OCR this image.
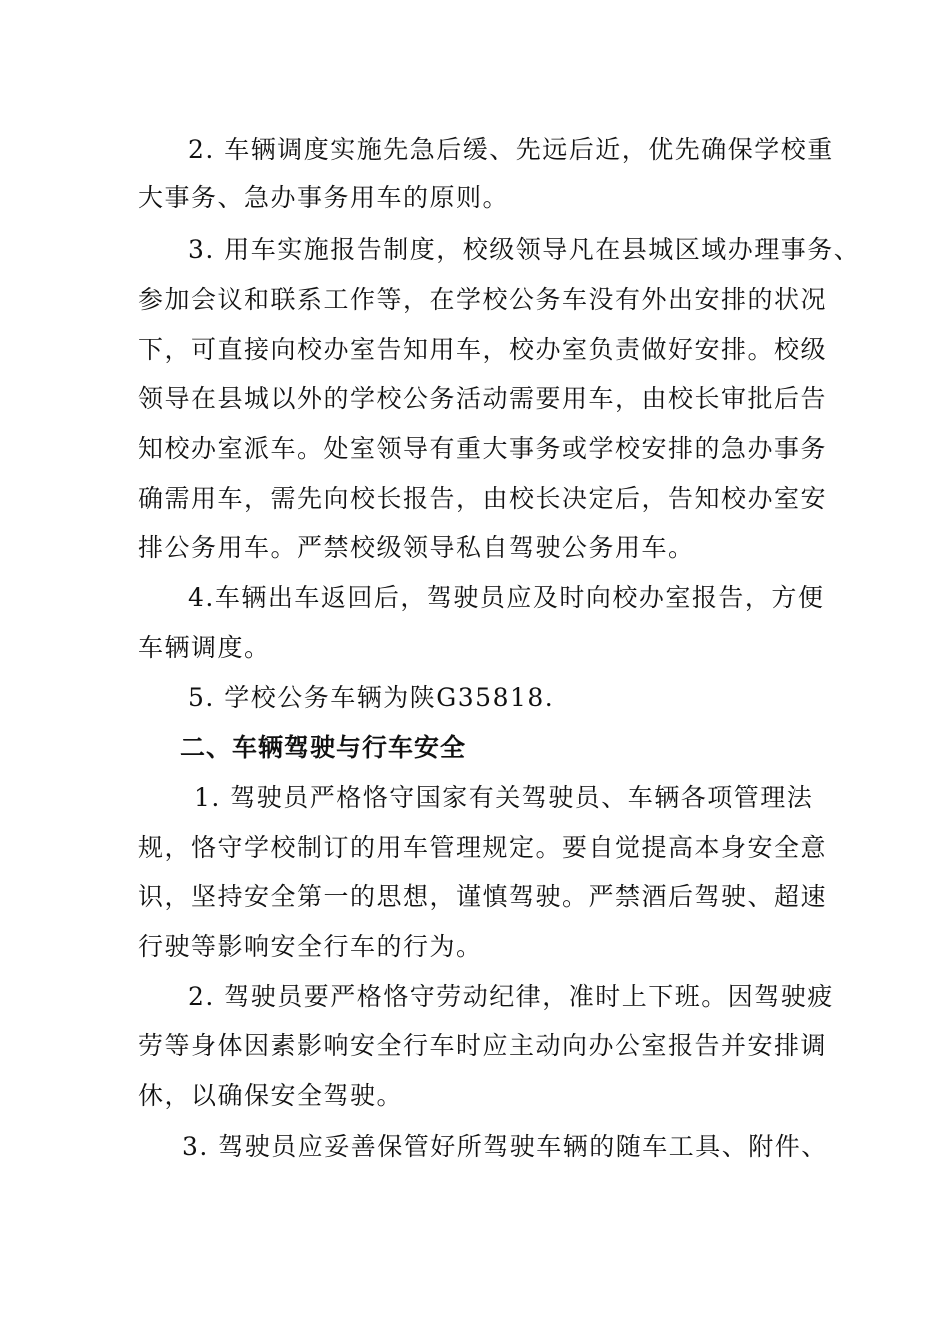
2. 车辆调度实施先急后缓、先远后近，优先确保学校重
大事务、急办事务用车的原则。
3. 用车实施报告制度，校级领导凡在县城区域办理事务、
参加会议和联系工作等，在学校公务车没有外出安排的状况
下，可直接向校办室告知用车，校办室负责做好安排。校级
领导在县城以外的学校公务活动需要用车，由校长审批后告
知校办室派车。处室领导有重大事务或学校安排的急办事务
确需用车，需先向校长报告，由校长决定后，告知校办室安
排公务用车。严禁校级领导私自驾驶公务用车。
4.车辆出车返回后，驾驶员应及时向校办室报告，方便
车辆调度。
5. 学校公务车辆为陕G35818.
二、车辆驾驶与行车安全
1. 驾驶员严格恪守国家有关驾驶员、车辆各项管理法
规，恪守学校制订的用车管理规定。要自觉提高本身安全意
识，坚持安全第一的思想，谨慎驾驶。严禁酒后驾驶、超速
行驶等影响安全行车的行为。
2. 驾驶员要严格恪守劳动纪律，准时上下班。因驾驶疲
劳等身体因素影响安全行车时应主动向办公室报告并安排调
休，以确保安全驾驶。
3. 驾驶员应妥善保管好所驾驶车辆的随车工具、附件、
